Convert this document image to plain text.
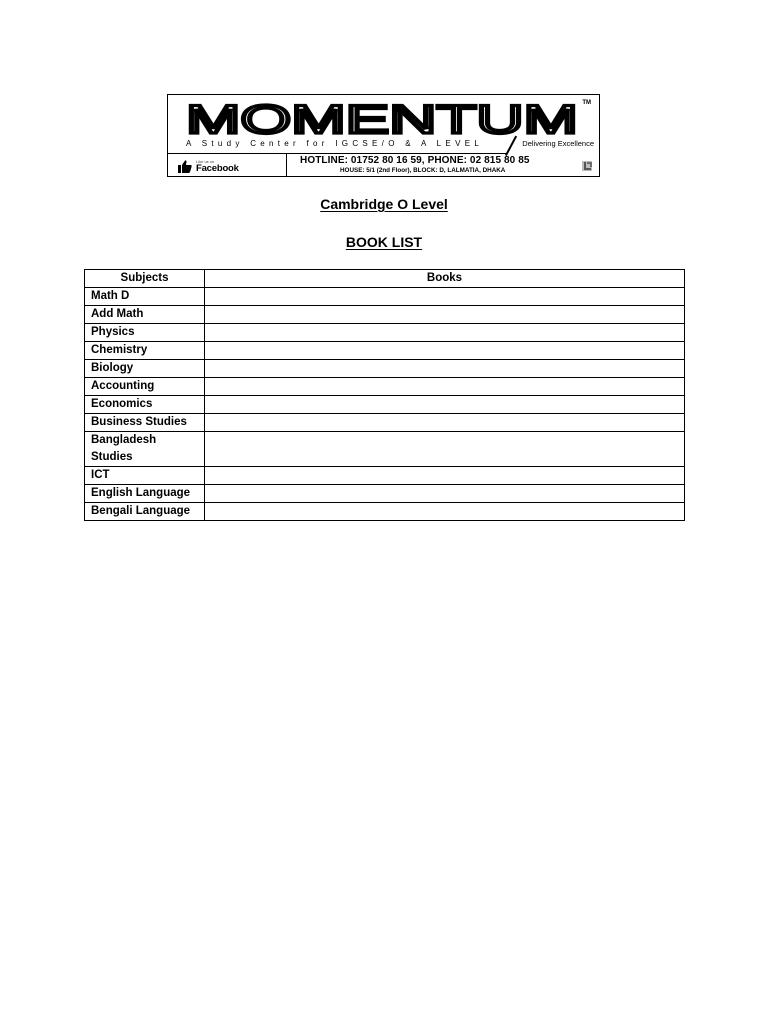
MOMENTUM TM
A Study Center for IGCSE/O & A LEVEL	Delivering Excellence
Like us on
Facebook
HOTLINE: 01752 80 16 59, PHONE: 02 815 80 85
HOUSE: 5/1 (2nd Floor), BLOCK: D, LALMATIA, DHAKA
Cambridge O Level
BOOK LIST
Subjects	Books
Math D	
Add Math	
Physics	
Chemistry	
Biology	
Accounting	
Economics	
Business Studies	
Bangladesh Studies	
ICT	
English Language	
Bengali Language	
